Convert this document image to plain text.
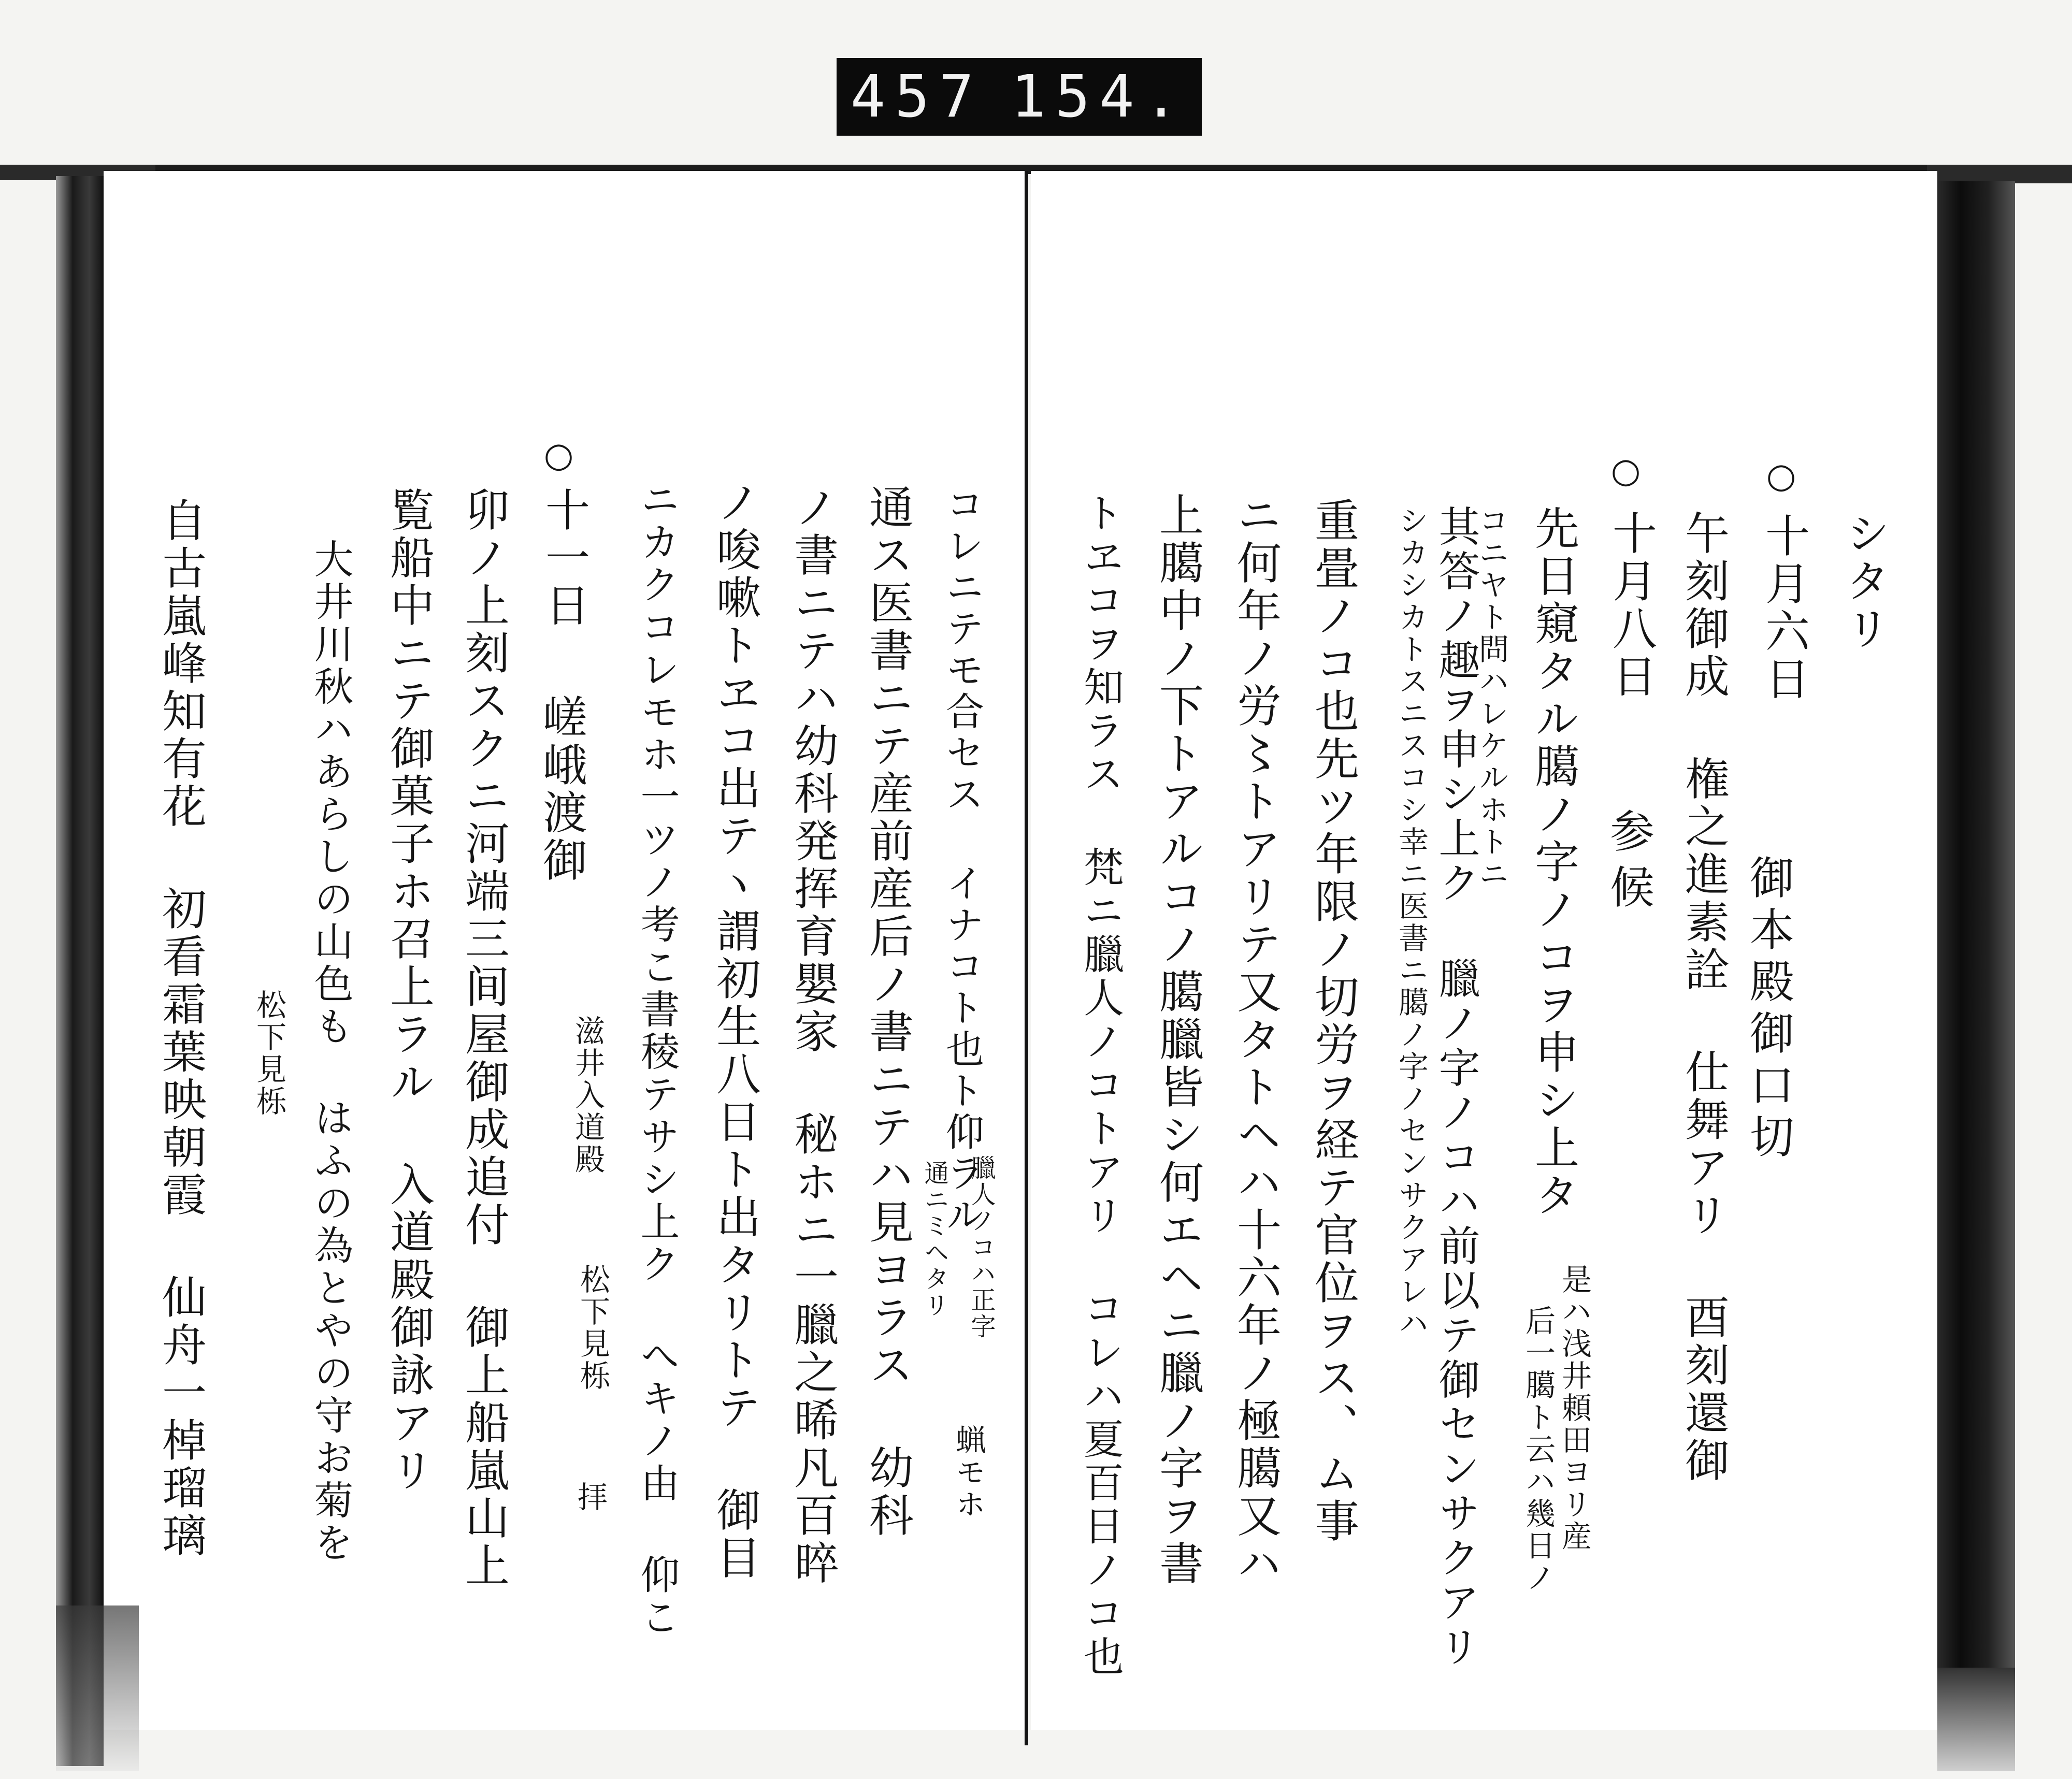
457 154.
シタリ
○
十月六日
御本殿御口切
午刻御成 権之進素詮 仕舞アリ 酉刻還御
○
十月八日
参候
先日窺タル臈ノ字ノコヲ申シ上タ
是ハ浅井頼田ヨリ産
后一臈ト云ハ幾日ノ
コニヤト問ハレケルホトニ
其答ノ趣ヲ申シ上ク 臘ノ字ノコハ前以テ御センサクアリ
シカシカトスニスコシ幸ニ医書ニ臈ノ字ノセンサクアレハ
重畳ノコ也先ツ年限ノ切労ヲ経テ官位ヲス、ム事
ニ何年ノ労〻トアリテ又タトヘハ十六年ノ極臈又ハ
上臈中ノ下トアルコノ臈臘皆シ何エヘニ臘ノ字ヲ書
トヱコヲ知ラス 梵ニ臘人ノコトアリ コレハ夏百日ノコ也
コレニテモ合セス イナコト也ト仰ラル
臘人ノコハ正字
通ニミヘタリ
蝋モホ
通ス医書ニテ産前産后ノ書ニテハ見ヨラス 幼科
ノ書ニテハ幼科発挥育嬰家 秘ホニ一臘之晞凡百晬
ノ唆嗽トヱコ出テヽ謂初生八日ト出タリトテ 御目
ニカクコレモホ一ツノ考こ書稜テサシ上ク へキノ由 仰こ
○
十一日
嵯峨渡御
滋井入道殿
松下見栎
拝
卯ノ上刻スクニ河端三间屋御成追付 御上船嵐山上
覧船中ニテ御菓子ホ召上ラル 入道殿御詠アリ
大井川秋ハあらしの山色も はふの為とやの守お菊を
松下見栎
自古嵐峰知有花 初看霜葉映朝霞 仙舟一棹瑠璃
